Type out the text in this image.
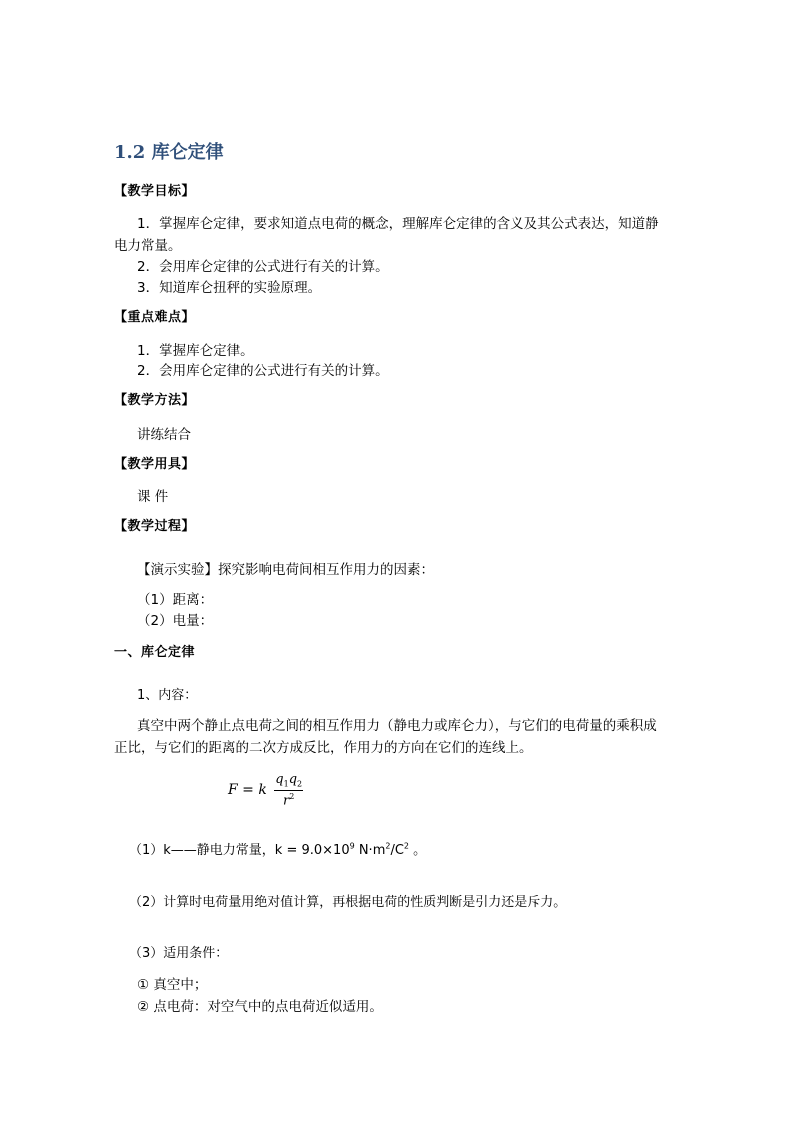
1.2 库仑定律
【教学目标】
1．掌握库仑定律，要求知道点电荷的概念，理解库仑定律的含义及其公式表达，知道静
电力常量。
2．会用库仑定律的公式进行有关的计算。
3．知道库仑扭秤的实验原理。
【重点难点】
1．掌握库仑定律。
2．会用库仑定律的公式进行有关的计算。
【教学方法】
讲练结合
【教学用具】
课 件
【教学过程】
【演示实验】探究影响电荷间相互作用力的因素：
（1）距离：
（2）电量：
一、库仑定律
1、内容：
真空中两个静止点电荷之间的相互作用力（静电力或库仑力），与它们的电荷量的乘积成
正比，与它们的距离的二次方成反比，作用力的方向在它们的连线上。
F = k $\frac{q_1q_2}{r^2}$
（1）k——静电力常量，$k = 9.0\times 10^9$ $N\cdot m^2/C^2$ 。
（2）计算时电荷量用绝对值计算，再根据电荷的性质判断是引力还是斥力。
（3）适用条件：
① 真空中；
② 点电荷：对空气中的点电荷近似适用。
